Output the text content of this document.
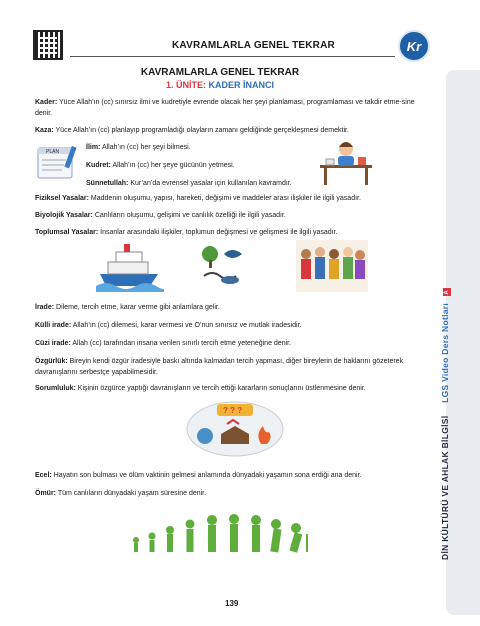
KAVRAMLARLA GENEL TEKRAR	Kr
DİN KÜLTÜRÜ VE AHLAK BİLGİSİ LGS Video Ders Notları A
KAVRAMLARLA GENEL TEKRAR
1. ÜNİTE: KADER İNANCI
Kader: Yüce Allah’ın (cc) sınırsız ilmi ve kudretiyle evrende olacak her şeyi planlaması, programlaması ve takdir etme-sine denir.
Kaza: Yüce Allah’ın (cc) planlayıp programladığı olayların zamanı geldiğinde gerçekleşmesi demektir.
PLAN
İlim: Allah’ın (cc) her şeyi bilmesi.
Kudret: Allah’ın (cc) her şeye gücünün yetmesi.
Sünnetullah: Kur’an’da evrensel yasalar için kullanılan kavramdır.
Fiziksel Yasalar: Maddenin oluşumu, yapısı, hareketi, değişimi ve maddeler arası ilişkiler ile ilgili yasadır.
Biyolojik Yasalar: Canlıların oluşumu, gelişimi ve canlılık özelliği ile ilgili yasadır.
Toplumsal Yasalar: İnsanlar arasındaki ilişkiler, toplumun değişmesi ve gelişmesi ile ilgili yasadır.
İrade: Dileme, tercih etme, karar verme gibi anlamlara gelir.
Külli irade: Allah’ın (cc) dilemesi, karar vermesi ve O’nun sınırsız ve mutlak iradesidir.
Cüzi irade: Allah (cc) tarafından insana verilen sınırlı tercih etme yeteneğine denir.
Özgürlük: Bireyin kendi özgür iradesiyle baskı altında kalmadan tercih yapması, diğer bireylerin de haklarını gözeterek davranışlarını serbestçe yapabilmesidir.
Sorumluluk: Kişinin özgürce yaptığı davranışların ve tercih ettiği kararların sonuçlarını üstlenmesine denir.
? ? ?
Ecel: Hayatın son bulması ve ölüm vaktinin gelmesi anlamında dünyadaki yaşamın sona erdiği ana denir.
Ömür: Tüm canlıların dünyadaki yaşam süresine denir.
139
